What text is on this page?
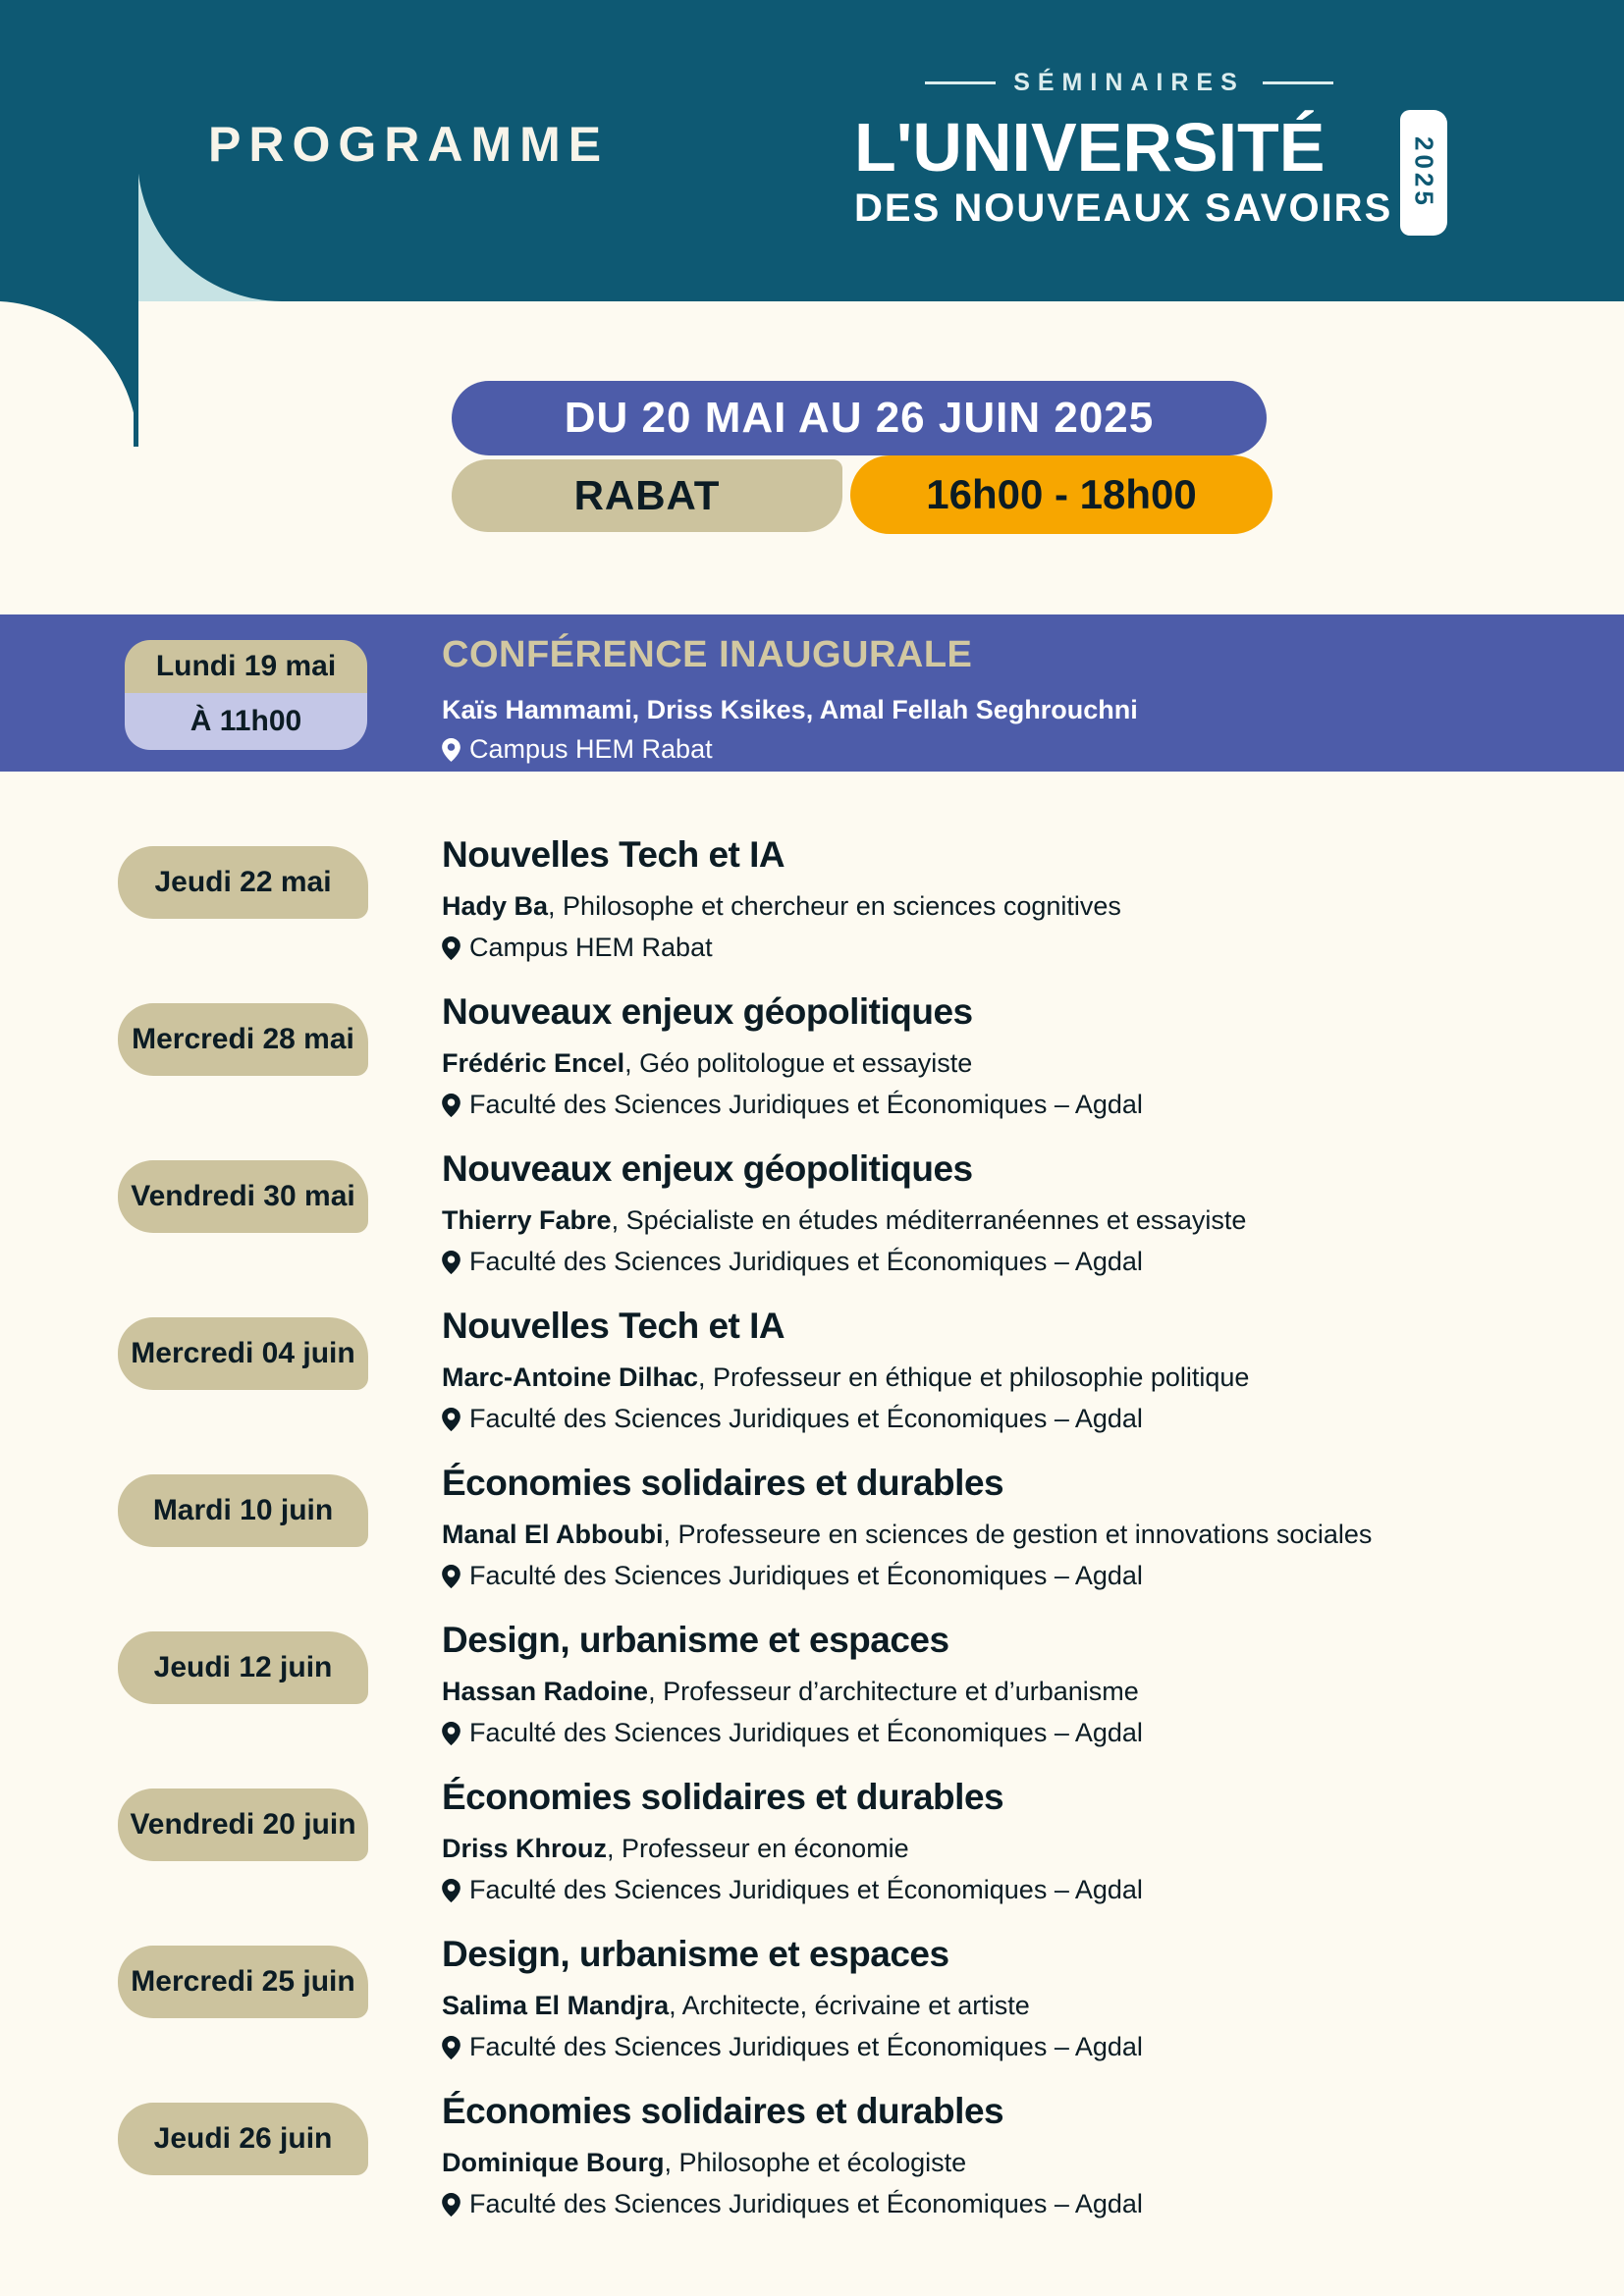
PROGRAMME
SÉMINAIRES
L'UNIVERSITÉ
DES NOUVEAUX SAVOIRS 2025
DU 20 MAI AU 26 JUIN 2025
RABAT	16h00 - 18h00
Lundi 19 mai
À 11h00
CONFÉRENCE INAUGURALE
Kaïs Hammami, Driss Ksikes, Amal Fellah Seghrouchni
Campus HEM Rabat
Jeudi 22 mai
Nouvelles Tech et IA
Hady Ba, Philosophe et chercheur en sciences cognitives
Campus HEM Rabat
Mercredi 28 mai
Nouveaux enjeux géopolitiques
Frédéric Encel, Géo politologue et essayiste
Faculté des Sciences Juridiques et Économiques – Agdal
Vendredi 30 mai
Nouveaux enjeux géopolitiques
Thierry Fabre, Spécialiste en études méditerranéennes et essayiste
Faculté des Sciences Juridiques et Économiques – Agdal
Mercredi 04 juin
Nouvelles Tech et IA
Marc-Antoine Dilhac, Professeur en éthique et philosophie politique
Faculté des Sciences Juridiques et Économiques – Agdal
Mardi 10 juin
Économies solidaires et durables
Manal El Abboubi, Professeure en sciences de gestion et innovations sociales
Faculté des Sciences Juridiques et Économiques – Agdal
Jeudi 12 juin
Design, urbanisme et espaces
Hassan Radoine, Professeur d’architecture et d’urbanisme
Faculté des Sciences Juridiques et Économiques – Agdal
Vendredi 20 juin
Économies solidaires et durables
Driss Khrouz, Professeur en économie
Faculté des Sciences Juridiques et Économiques – Agdal
Mercredi 25 juin
Design, urbanisme et espaces
Salima El Mandjra, Architecte, écrivaine et artiste
Faculté des Sciences Juridiques et Économiques – Agdal
Jeudi 26 juin
Économies solidaires et durables
Dominique Bourg, Philosophe et écologiste
Faculté des Sciences Juridiques et Économiques – Agdal
